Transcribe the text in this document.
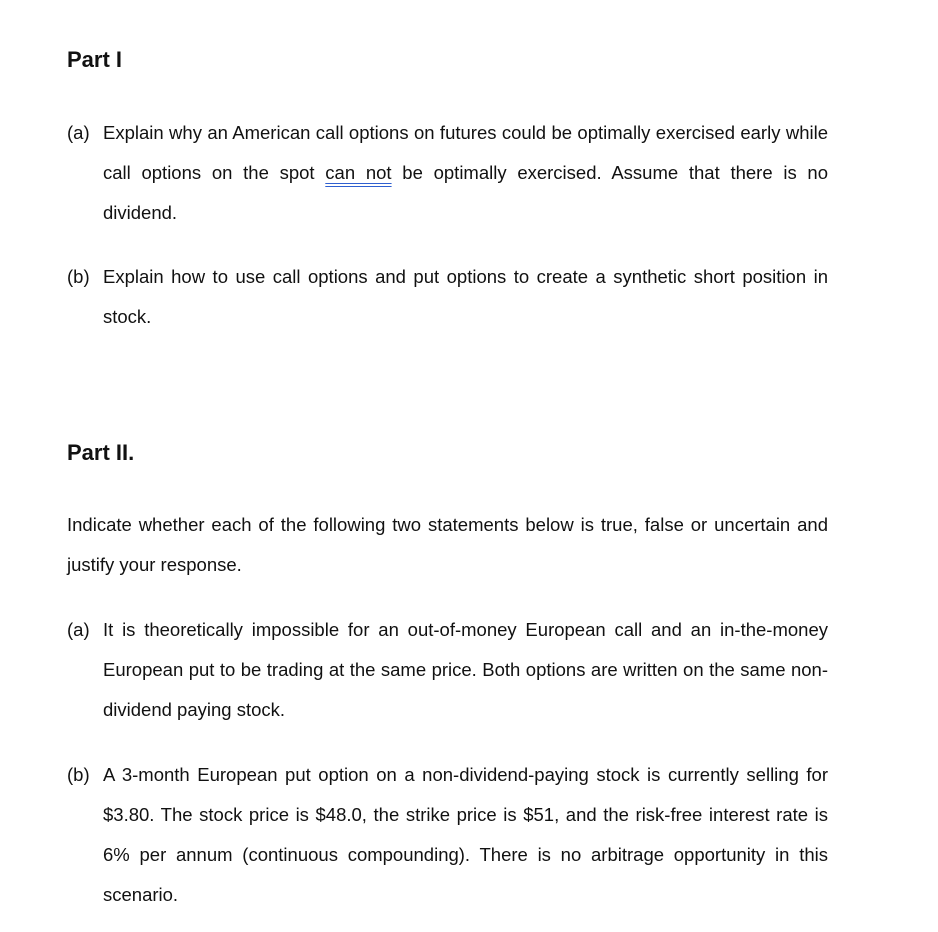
Part I
(a) Explain why an American call options on futures could be optimally exercised early while call options on the spot can not be optimally exercised. Assume that there is no dividend.
(b) Explain how to use call options and put options to create a synthetic short position in stock.
Part II.
Indicate whether each of the following two statements below is true, false or uncertain and justify your response.
(a) It is theoretically impossible for an out-of-money European call and an in-the-money European put to be trading at the same price. Both options are written on the same non-dividend paying stock.
(b) A 3-month European put option on a non-dividend-paying stock is currently selling for $3.80. The stock price is $48.0, the strike price is $51, and the risk-free interest rate is 6% per annum (continuous compounding). There is no arbitrage opportunity in this scenario.
